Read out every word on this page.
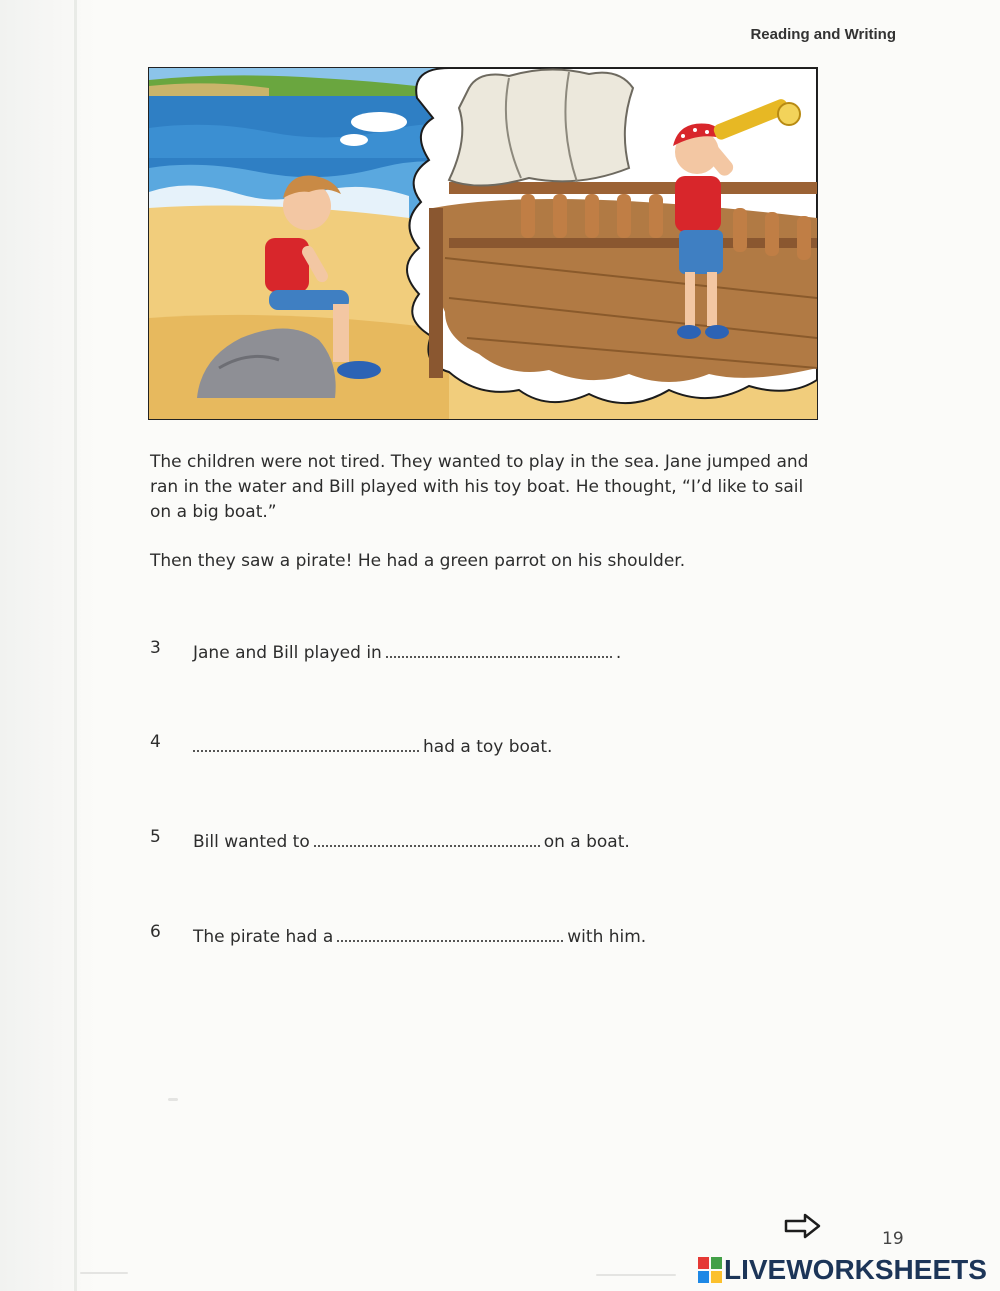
Reading and Writing

The children were not tired. They wanted to play in the sea. Jane jumped and ran in the water and Bill played with his toy boat. He thought, “I’d like to sail on a big boat.”

Then they saw a pirate! He had a green parrot on his shoulder.

3 Jane and Bill played in	.
4	had a toy boat.
5 Bill wanted to	on a boat.
6 The pirate had a	with him.
19
LIVEWORKSHEETS
